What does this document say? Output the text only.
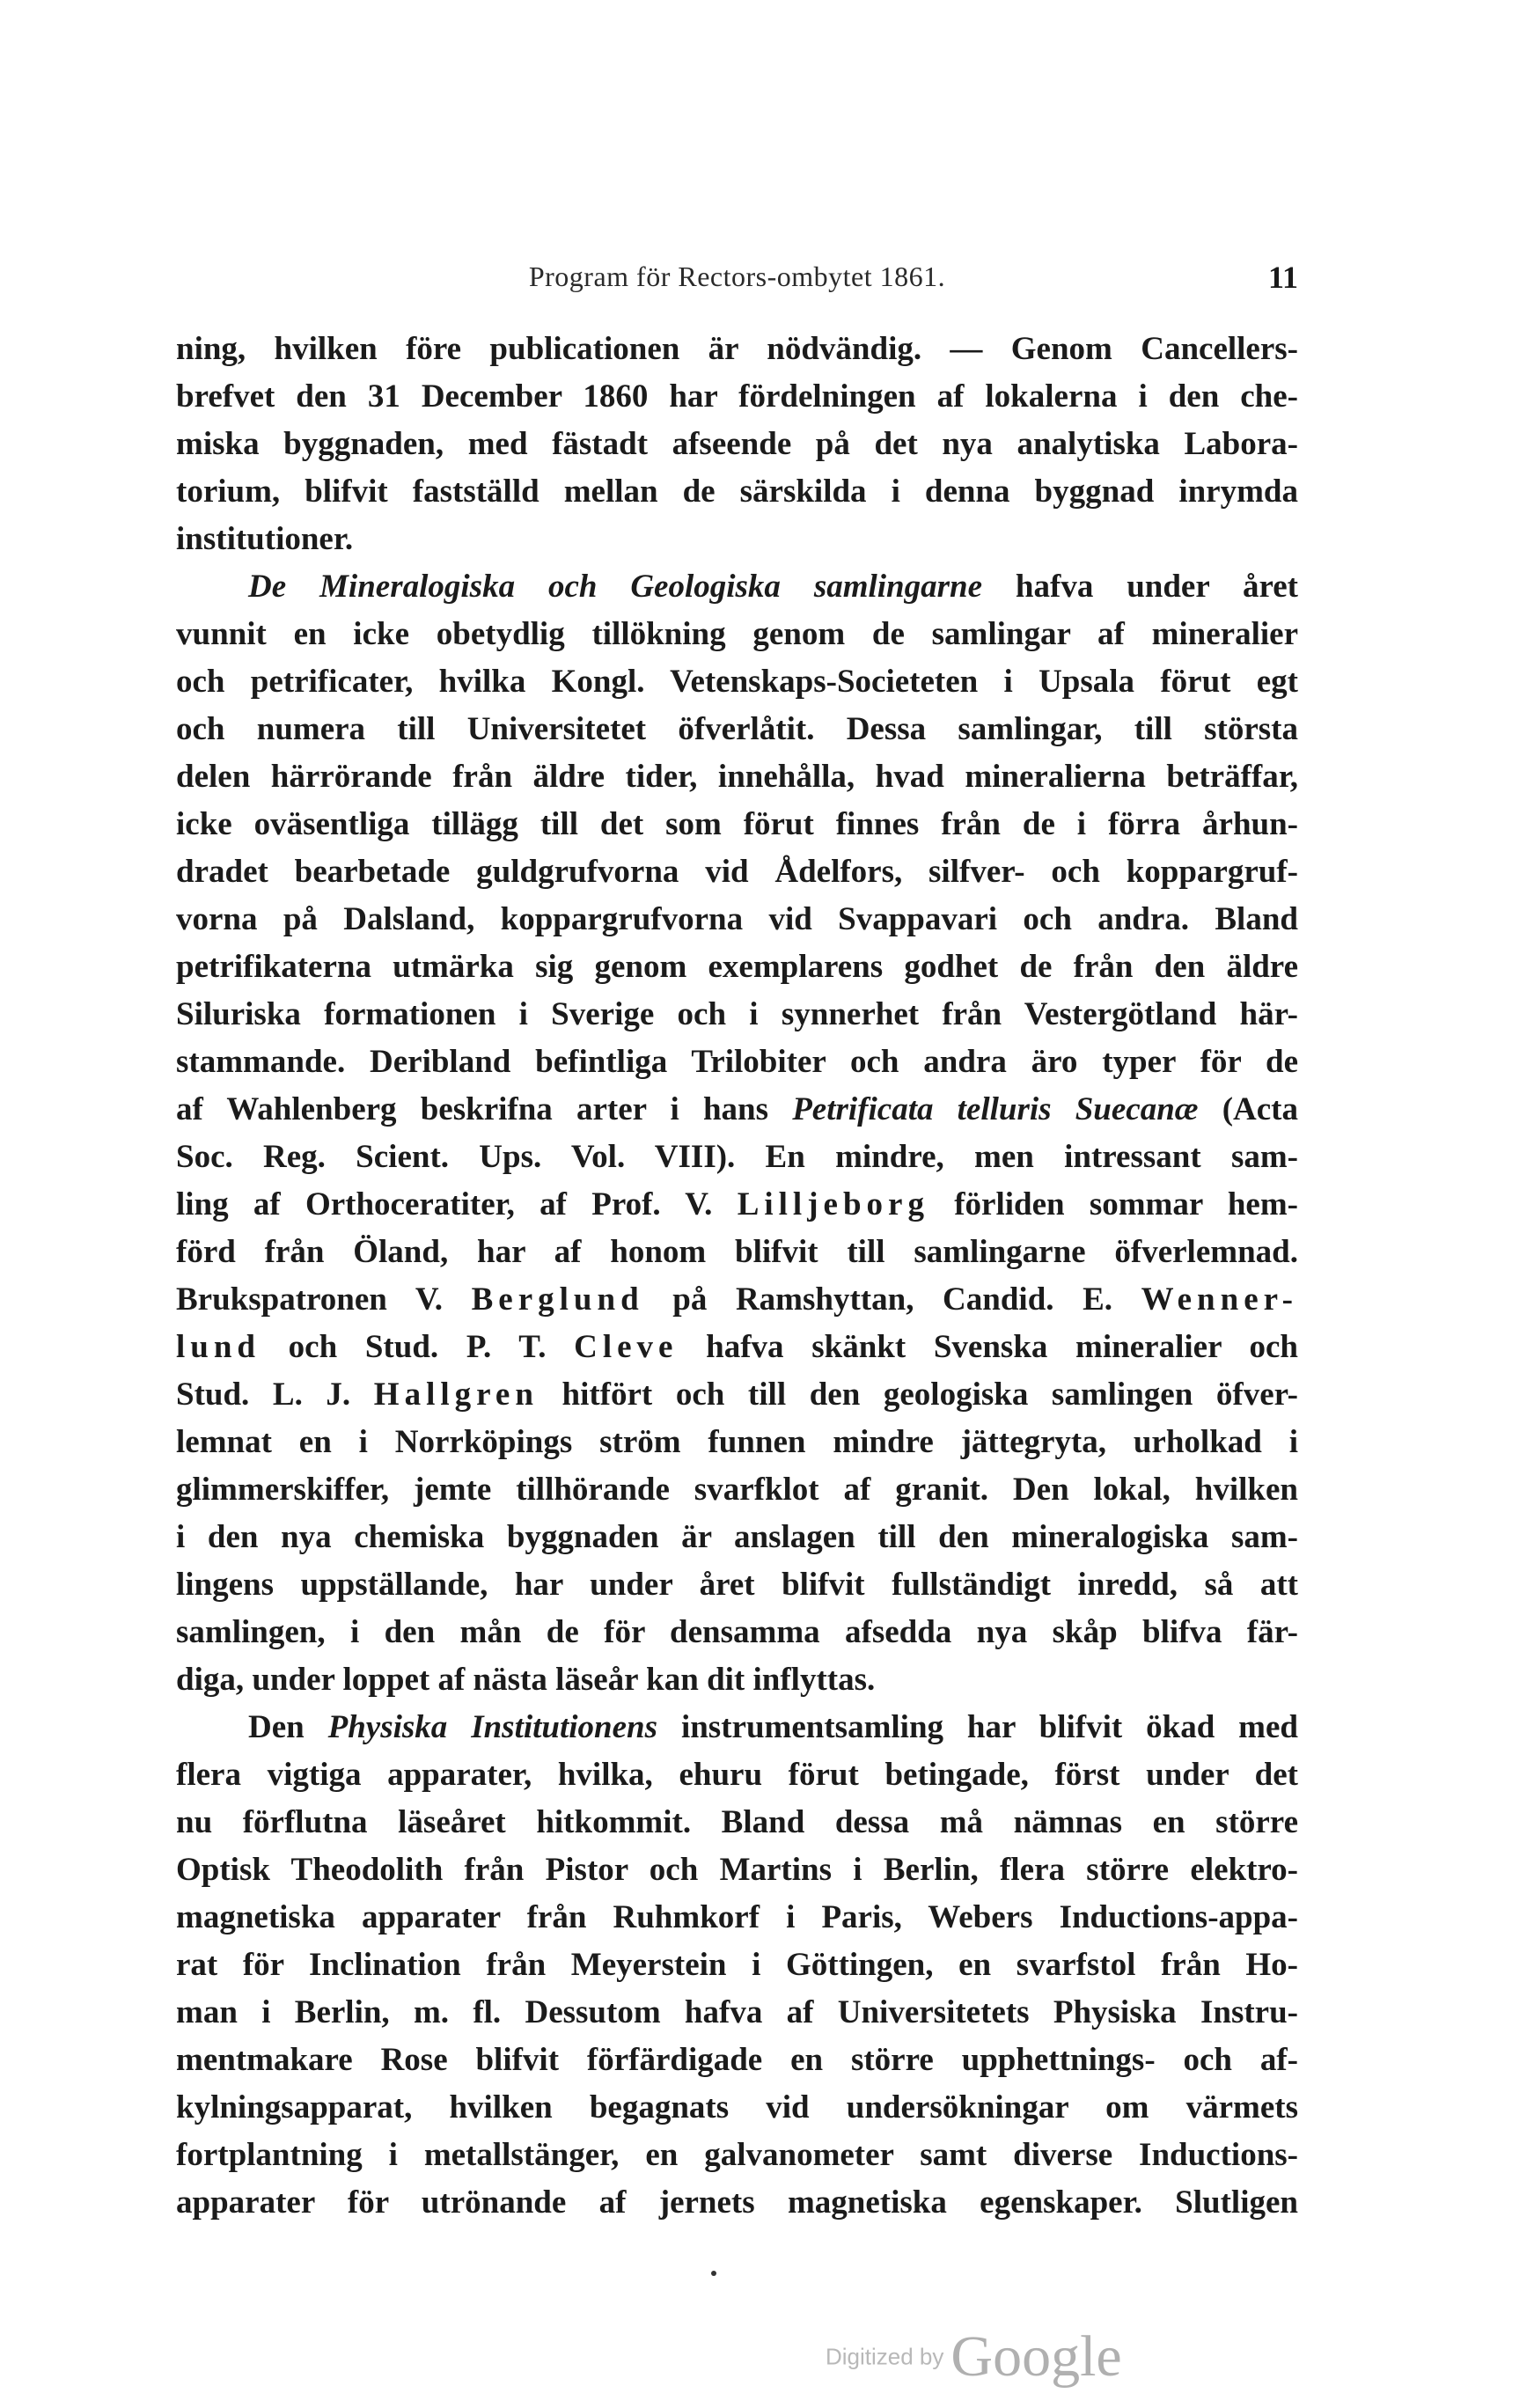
Program för Rectors-ombytet 1861.	11
ning, hvilken före publicationen är nödvändig. — Genom Cancellers-
brefvet den 31 December 1860 har fördelningen af lokalerna i den che-
miska byggnaden, med fästadt afseende på det nya analytiska Labora-
torium, blifvit fastställd mellan de särskilda i denna byggnad inrymda
institutioner.
De Mineralogiska och Geologiska samlingarne hafva under året
vunnit en icke obetydlig tillökning genom de samlingar af mineralier
och petrificater, hvilka Kongl. Vetenskaps-Societeten i Upsala förut egt
och numera till Universitetet öfverlåtit. Dessa samlingar, till största
delen härrörande från äldre tider, innehålla, hvad mineralierna beträffar,
icke oväsentliga tillägg till det som förut finnes från de i förra århun-
dradet bearbetade guldgrufvorna vid Ådelfors, silfver- och koppargruf-
vorna på Dalsland, koppargrufvorna vid Svappavari och andra. Bland
petrifikaterna utmärka sig genom exemplarens godhet de från den äldre
Siluriska formationen i Sverige och i synnerhet från Vestergötland här-
stammande. Deribland befintliga Trilobiter och andra äro typer för de
af Wahlenberg beskrifna arter i hans Petrificata telluris Suecanæ (Acta
Soc. Reg. Scient. Ups. Vol. VIII). En mindre, men intressant sam-
ling af Orthoceratiter, af Prof. V. Lilljeborg förliden sommar hem-
förd från Öland, har af honom blifvit till samlingarne öfverlemnad.
Brukspatronen V. Berglund på Ramshyttan, Candid. E. Wenner-
lund och Stud. P. T. Cleve hafva skänkt Svenska mineralier och
Stud. L. J. Hallgren hitfört och till den geologiska samlingen öfver-
lemnat en i Norrköpings ström funnen mindre jättegryta, urholkad i
glimmerskiffer, jemte tillhörande svarfklot af granit. Den lokal, hvilken
i den nya chemiska byggnaden är anslagen till den mineralogiska sam-
lingens uppställande, har under året blifvit fullständigt inredd, så att
samlingen, i den mån de för densamma afsedda nya skåp blifva fär-
diga, under loppet af nästa läseår kan dit inflyttas.
Den Physiska Institutionens instrumentsamling har blifvit ökad med
flera vigtiga apparater, hvilka, ehuru förut betingade, först under det
nu förflutna läseåret hitkommit. Bland dessa må nämnas en större
Optisk Theodolith från Pistor och Martins i Berlin, flera större elektro-
magnetiska apparater från Ruhmkorf i Paris, Webers Inductions-appa-
rat för Inclination från Meyerstein i Göttingen, en svarfstol från Ho-
man i Berlin, m. fl. Dessutom hafva af Universitetets Physiska Instru-
mentmakare Rose blifvit förfärdigade en större upphettnings- och af-
kylningsapparat, hvilken begagnats vid undersökningar om värmets
fortplantning i metallstänger, en galvanometer samt diverse Inductions-
apparater för utrönande af jernets magnetiska egenskaper. Slutligen
Digitized by Google
